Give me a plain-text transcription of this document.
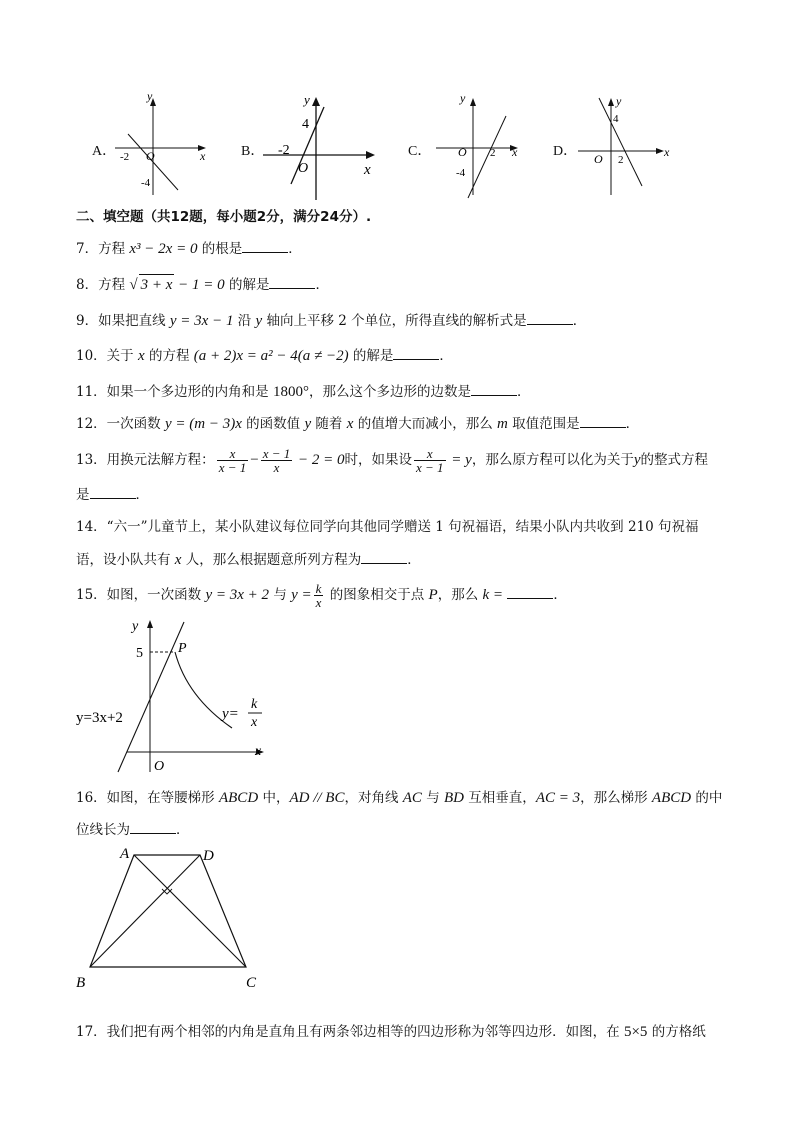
A．
y
x
O
-2
-4
B．
y
x
O
-2
4
C．
y
x
O 2
-4
D．
y
x
O 2
4
二、填空题（共12题，每小题2分，满分24分）.
7．方程 x³ − 2x = 0 的根是	．
8．方程 √ 3 + x − 1 = 0 的解是	．
9．如果把直线 y = 3x − 1 沿 y 轴向上平移 2 个单位，所得直线的解析式是	．
10．关于 x 的方程 (a + 2)x = a² − 4(a ≠ −2) 的解是	．
11．如果一个多边形的内角和是 1800°，那么这个多边形的边数是	．
12．一次函数 y = (m − 3)x 的函数值 y 随着 x 的值增大而减小，那么 m 取值范围是	．
13．用换元法解方程： $\frac{x}{x - 1} - \frac{x - 1}{x} - 2 = 0$时，如果设 $\frac{x}{x - 1} = y$，那么原方程可以化为关于y的整式方程
是	．
14．“六一”儿童节上，某小队建议每位同学向其他同学赠送 1 句祝福语，结果小队内共收到 210 句祝福
语，设小队共有 x 人，那么根据题意所列方程为	．
15．如图，一次函数 y = 3x + 2 与 $y = \frac{k}{x}$ 的图象相交于点 P，那么 k =	．
y
x
O
5	P
y=3x+2	y=
k
x
16．如图，在等腰梯形 ABCD 中，AD // BC，对角线 AC 与 BD 互相垂直，AC = 3，那么梯形 ABCD 的中
位线长为	．
A	D
B	C
17．我们把有两个相邻的内角是直角且有两条邻边相等的四边形称为邻等四边形．如图，在 5×5 的方格纸
